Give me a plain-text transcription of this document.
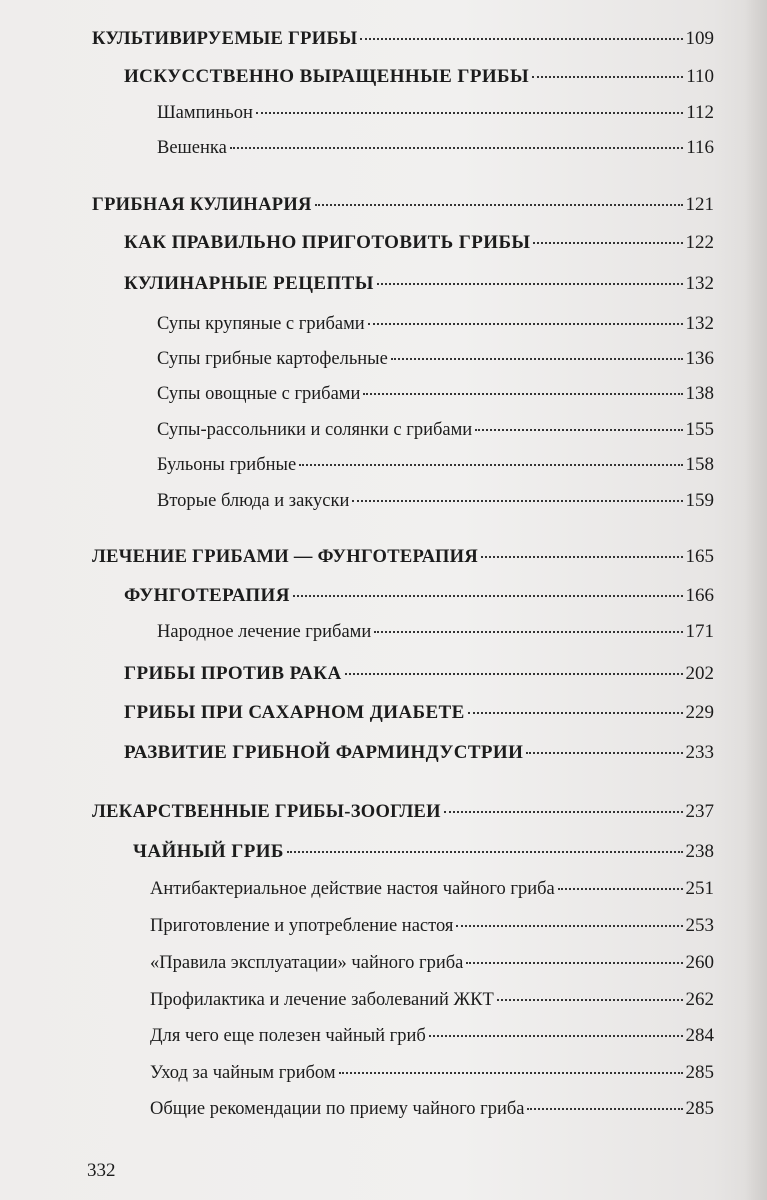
КУЛЬТИВИРУЕМЫЕ ГРИБЫ	109
ИСКУССТВЕННО ВЫРАЩЕННЫЕ ГРИБЫ	110
Шампиньон	112
Вешенка	116
ГРИБНАЯ КУЛИНАРИЯ	121
КАК ПРАВИЛЬНО ПРИГОТОВИТЬ ГРИБЫ	122
КУЛИНАРНЫЕ РЕЦЕПТЫ	132
Супы крупяные с грибами	132
Супы грибные картофельные	136
Супы овощные с грибами	138
Супы-рассольники и солянки с грибами	155
Бульоны грибные	158
Вторые блюда и закуски	159
ЛЕЧЕНИЕ ГРИБАМИ — ФУНГОТЕРАПИЯ	165
ФУНГОТЕРАПИЯ	166
Народное лечение грибами	171
ГРИБЫ ПРОТИВ РАКА	202
ГРИБЫ ПРИ САХАРНОМ ДИАБЕТЕ	229
РАЗВИТИЕ ГРИБНОЙ ФАРМИНДУСТРИИ	233
ЛЕКАРСТВЕННЫЕ ГРИБЫ-ЗООГЛЕИ	237
ЧАЙНЫЙ ГРИБ	238
Антибактериальное действие настоя чайного гриба	251
Приготовление и употребление настоя	253
«Правила эксплуатации» чайного гриба	260
Профилактика и лечение заболеваний ЖКТ	262
Для чего еще полезен чайный гриб	284
Уход за чайным грибом	285
Общие рекомендации по приему чайного гриба	285
332
